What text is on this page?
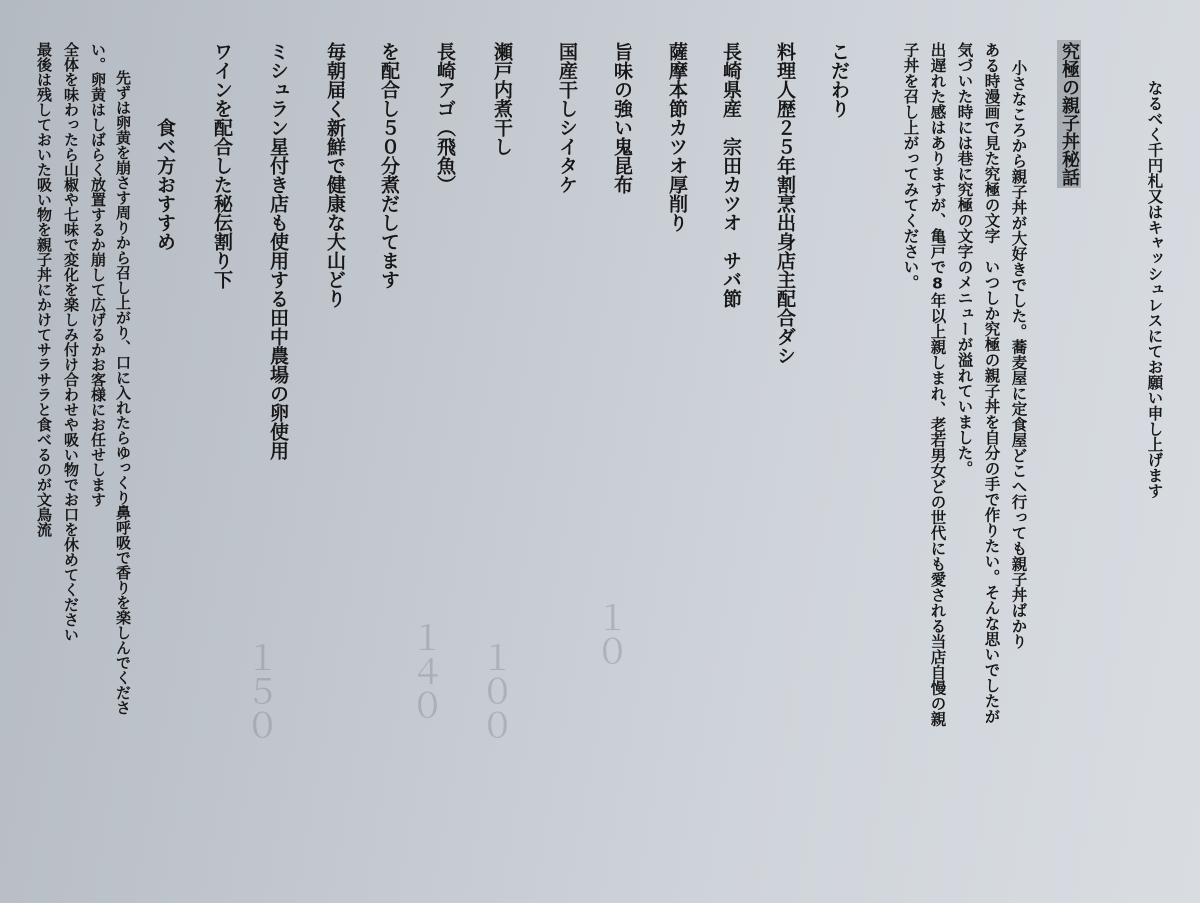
１０
１００
１４０
１５０
なるべく千円札又はキャッシュレスにてお願い申し上げます
究極の親子丼秘話
小さなころから親子丼が大好きでした。蕎麦屋に定食屋どこへ行っても親子丼ばかり
ある時漫画で見た究極の文字　いつしか究極の親子丼を自分の手で作りたい。そんな思いでしたが
気づいた時には巷に究極の文字のメニューが溢れていました。
出遅れた感はありますが、亀戸で8年以上親しまれ、老若男女どの世代にも愛される当店自慢の親
子丼を召し上がってみてください。
こだわり
料理人歴２５年割烹出身店主配合ダシ
長崎県産　宗田カツオ　サバ節
薩摩本節カツオ厚削り
旨味の強い鬼昆布
国産干しシイタケ
瀬戸内煮干し
長崎アゴ（飛魚）
を配合し５０分煮だしてます
毎朝届く新鮮で健康な大山どり
ミシュラン星付き店も使用する田中農場の卵使用
ワインを配合した秘伝割り下
食べ方おすすめ
先ずは卵黄を崩さす周りから召し上がり、口に入れたらゆっくり鼻呼吸で香りを楽しんでくださ
い。卵黄はしばらく放置するか崩して広げるかお客様にお任せします
全体を味わったら山椒や七味で変化を楽しみ付け合わせや吸い物でお口を休めてください
最後は残しておいた吸い物を親子丼にかけてサラサラと食べるのが文鳥流
